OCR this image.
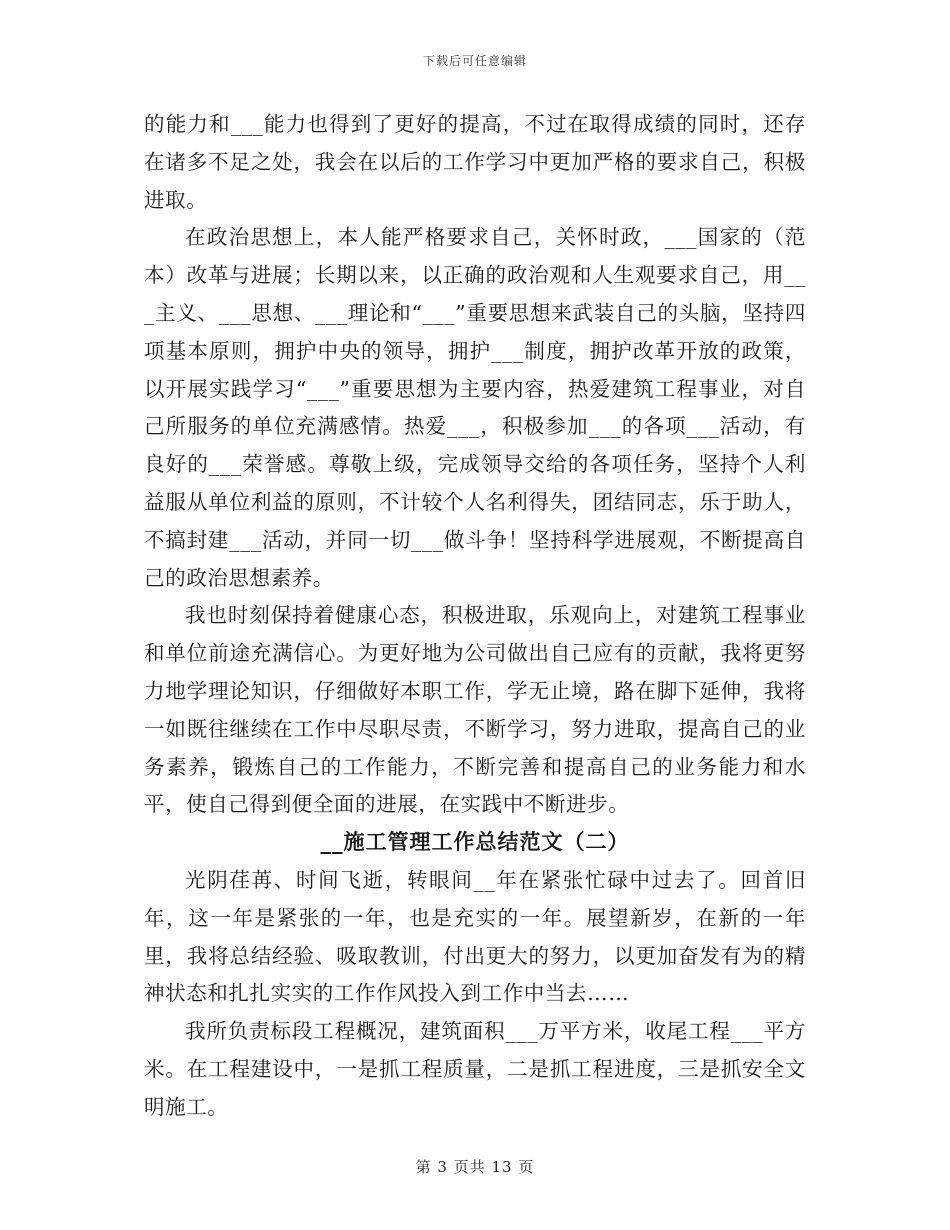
下载后可任意编辑

的能力和___能力也得到了更好的提高，不过在取得成绩的同时，还存在诸多不足之处，我会在以后的工作学习中更加严格的要求自己，积极进取。

在政治思想上，本人能严格要求自己，关怀时政，___国家的（范本）改革与进展；长期以来，以正确的政治观和人生观要求自己，用___主义、___思想、___理论和“___”重要思想来武装自己的头脑，坚持四项基本原则，拥护中央的领导，拥护___制度，拥护改革开放的政策，以开展实践学习“___”重要思想为主要内容，热爱建筑工程事业，对自己所服务的单位充满感情。热爱___，积极参加___的各项___活动，有良好的___荣誉感。尊敬上级，完成领导交给的各项任务，坚持个人利益服从单位利益的原则，不计较个人名利得失，团结同志，乐于助人，不搞封建___活动，并同一切___做斗争！坚持科学进展观，不断提高自己的政治思想素养。

我也时刻保持着健康心态，积极进取，乐观向上，对建筑工程事业和单位前途充满信心。为更好地为公司做出自己应有的贡献，我将更努力地学理论知识，仔细做好本职工作，学无止境，路在脚下延伸，我将一如既往继续在工作中尽职尽责，不断学习，努力进取，提高自己的业务素养，锻炼自己的工作能力，不断完善和提高自己的业务能力和水平，使自己得到便全面的进展，在实践中不断进步。

__施工管理工作总结范文（二）

光阴荏苒、时间飞逝，转眼间__年在紧张忙碌中过去了。回首旧年，这一年是紧张的一年，也是充实的一年。展望新岁，在新的一年里，我将总结经验、吸取教训，付出更大的努力，以更加奋发有为的精神状态和扎扎实实的工作作风投入到工作中当去……

我所负责标段工程概况，建筑面积___万平方米，收尾工程___平方米。在工程建设中，一是抓工程质量，二是抓工程进度，三是抓安全文明施工。

第 3 页共 13 页
